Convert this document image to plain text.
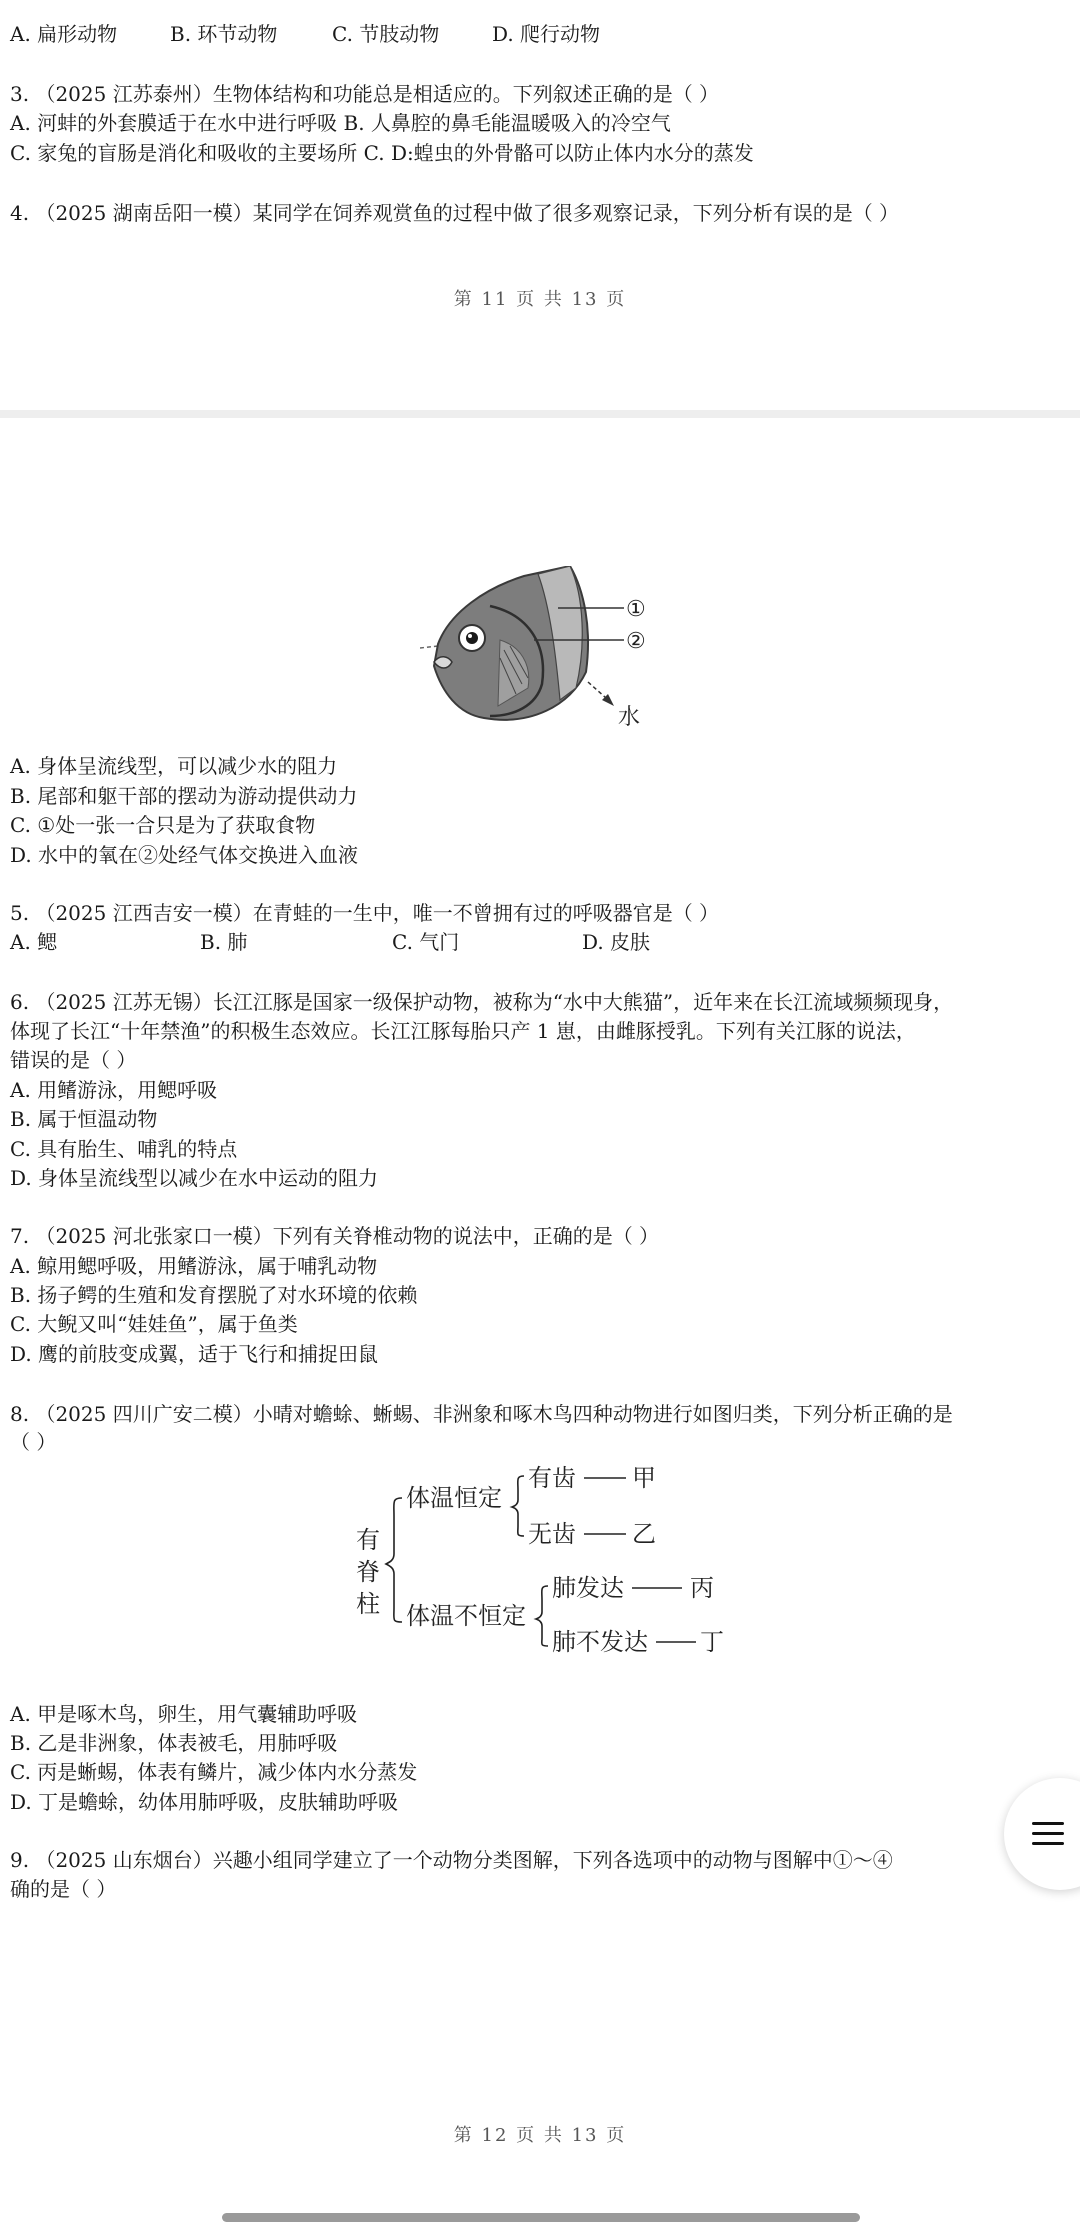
A. 扁形动物	B. 环节动物	C. 节肢动物	D. 爬行动物
3. （2025 江苏泰州）生物体结构和功能总是相适应的。下列叙述正确的是（ ）
A. 河蚌的外套膜适于在水中进行呼吸 B. 人鼻腔的鼻毛能温暖吸入的冷空气
C. 家兔的盲肠是消化和吸收的主要场所 C. D:蝗虫的外骨骼可以防止体内水分的蒸发
4. （2025 湖南岳阳一模）某同学在饲养观赏鱼的过程中做了很多观察记录，下列分析有误的是（ ）
第 11 页 共 13 页
①
②
水
A. 身体呈流线型，可以减少水的阻力
B. 尾部和躯干部的摆动为游动提供动力
C. ①处一张一合只是为了获取食物
D. 水中的氧在②处经气体交换进入血液
5. （2025 江西吉安一模）在青蛙的一生中，唯一不曾拥有过的呼吸器官是（ ）
A. 鳃	B. 肺	C. 气门	D. 皮肤
6. （2025 江苏无锡）长江江豚是国家一级保护动物，被称为“水中大熊猫”，近年来在长江流域频频现身，
体现了长江“十年禁渔”的积极生态效应。长江江豚每胎只产 1 崽，由雌豚授乳。下列有关江豚的说法，
错误的是（ ）
A. 用鳍游泳，用鳃呼吸
B. 属于恒温动物
C. 具有胎生、哺乳的特点
D. 身体呈流线型以减少在水中运动的阻力
7. （2025 河北张家口一模）下列有关脊椎动物的说法中，正确的是（ ）
A. 鲸用鳃呼吸，用鳍游泳，属于哺乳动物
B. 扬子鳄的生殖和发育摆脱了对水环境的依赖
C. 大鲵又叫“娃娃鱼”，属于鱼类
D. 鹰的前肢变成翼，适于飞行和捕捉田鼠
8. （2025 四川广安二模）小晴对蟾蜍、蜥蜴、非洲象和啄木鸟四种动物进行如图归类，下列分析正确的是
（ ）
有
脊
柱
体温恒定
体温不恒定
有齿 甲
无齿 乙
肺发达	丙
肺不发达 丁
A. 甲是啄木鸟，卵生，用气囊辅助呼吸
B. 乙是非洲象，体表被毛，用肺呼吸
C. 丙是蜥蜴，体表有鳞片，减少体内水分蒸发
D. 丁是蟾蜍，幼体用肺呼吸，皮肤辅助呼吸
9. （2025 山东烟台）兴趣小组同学建立了一个动物分类图解，下列各选项中的动物与图解中①～④
确的是（ ）
第 12 页 共 13 页
